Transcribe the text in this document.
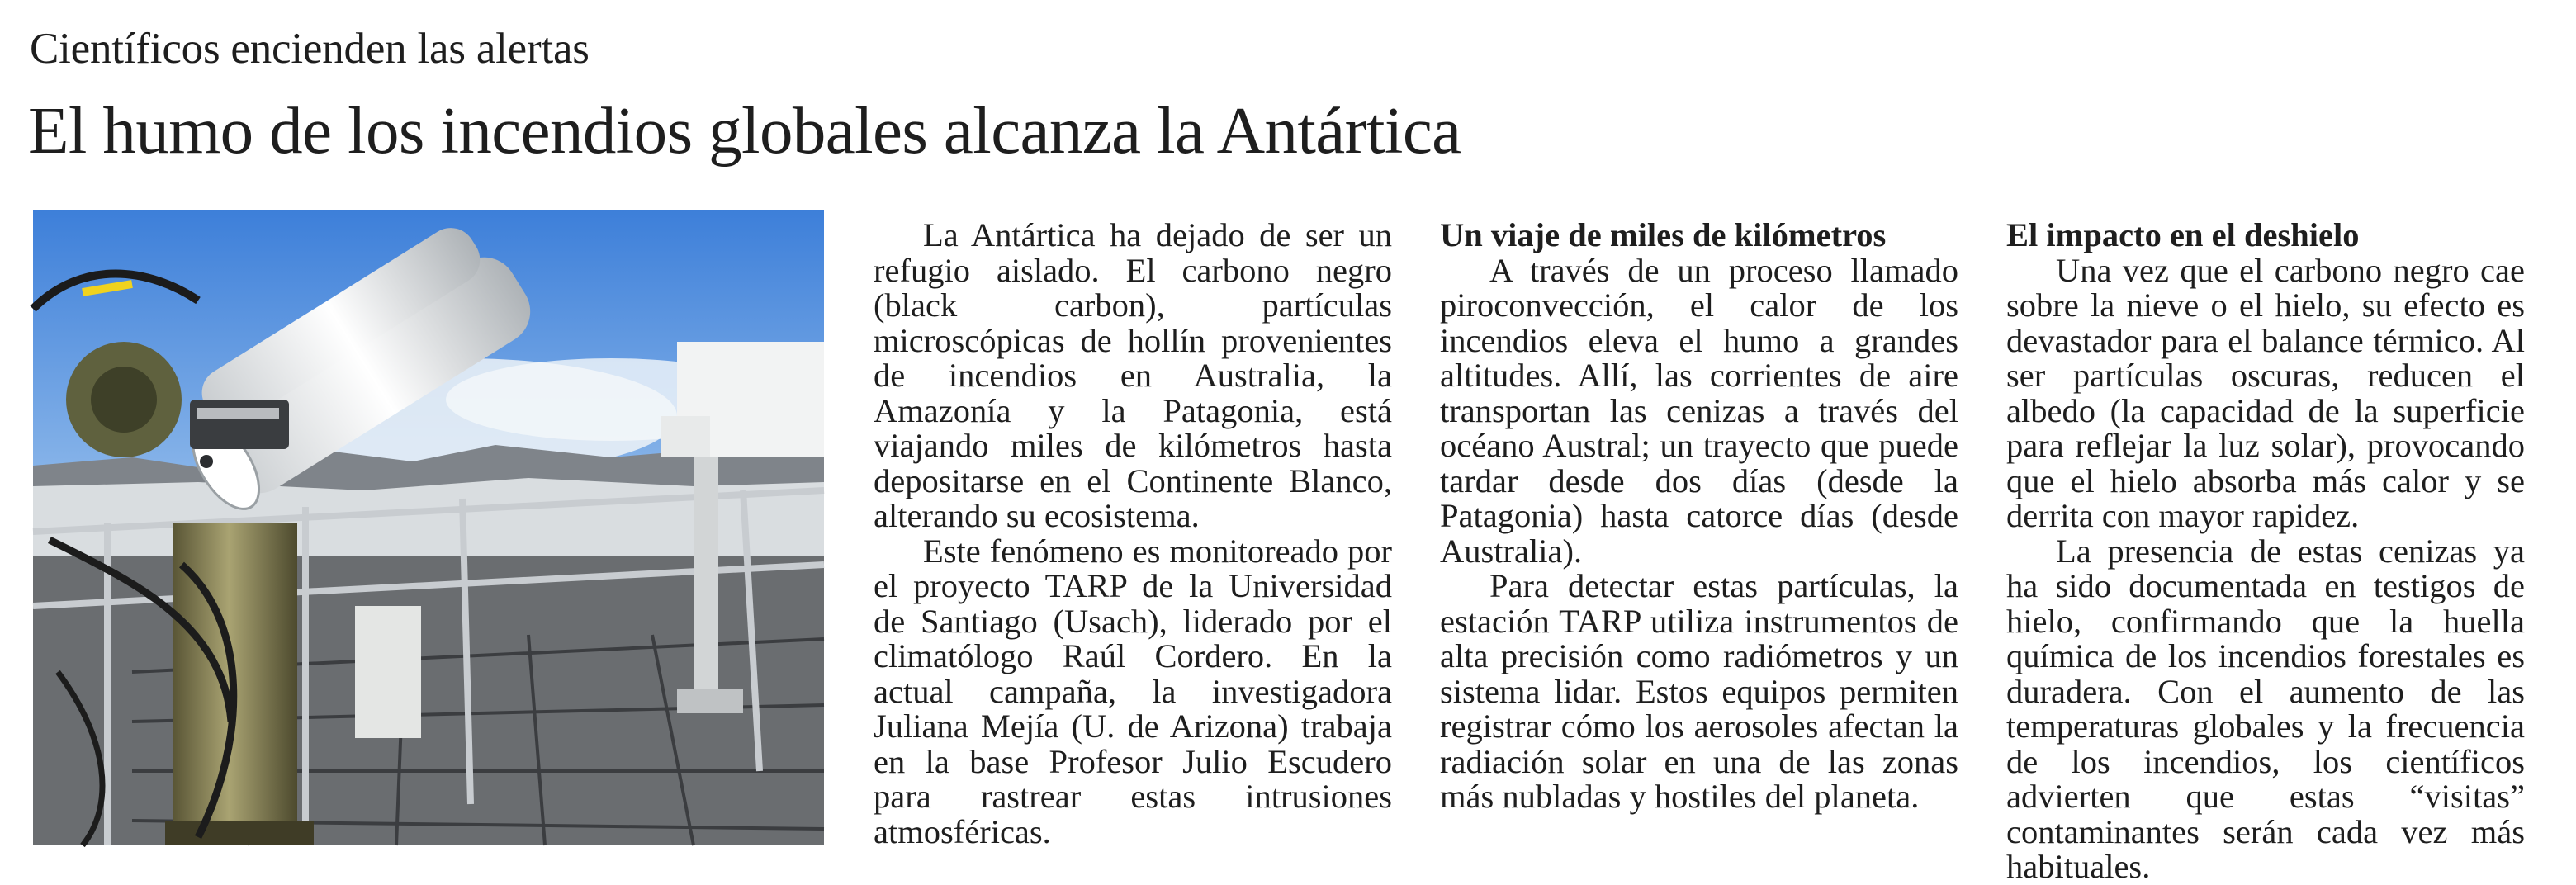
Científicos encienden las alertas
El humo de los incendios globales alcanza la Antártica

La Antártica ha dejado de ser un refugio aislado. El carbono negro (black carbon), partículas microscópicas de hollín provenientes de incendios en Australia, la Amazonía y la Patagonia, está viajando miles de kilómetros hasta depositarse en el Continente Blanco, alterando su ecosistema.

Este fenómeno es monitoreado por el proyecto TARP de la Universidad de Santiago (Usach), liderado por el climatólogo Raúl Cordero. En la actual campaña, la investigadora Juliana Mejía (U. de Arizona) trabaja en la base Profesor Julio Escudero para rastrear estas intrusiones atmosféricas.

Un viaje de miles de kilómetros

A través de un proceso llamado piroconvección, el calor de los incendios eleva el humo a grandes altitudes. Allí, las corrientes de aire transportan las cenizas a través del océano Austral; un trayecto que puede tardar desde dos días (desde la Patagonia) hasta catorce días (desde Australia).

Para detectar estas partículas, la estación TARP utiliza instrumentos de alta precisión como radiómetros y un sistema lidar. Estos equipos permiten registrar cómo los aerosoles afectan la radiación solar en una de las zonas más nubladas y hostiles del planeta.

El impacto en el deshielo

Una vez que el carbono negro cae sobre la nieve o el hielo, su efecto es devastador para el balance térmico. Al ser partículas oscuras, reducen el albedo (la capacidad de la superficie para reflejar la luz solar), provocando que el hielo absorba más calor y se derrita con mayor rapidez.

La presencia de estas cenizas ya ha sido documentada en testigos de hielo, confirmando que la huella química de los incendios forestales es duradera. Con el aumento de las temperaturas globales y la frecuencia de los incendios, los científicos advierten que estas “visitas” contaminantes serán cada vez más habituales.
